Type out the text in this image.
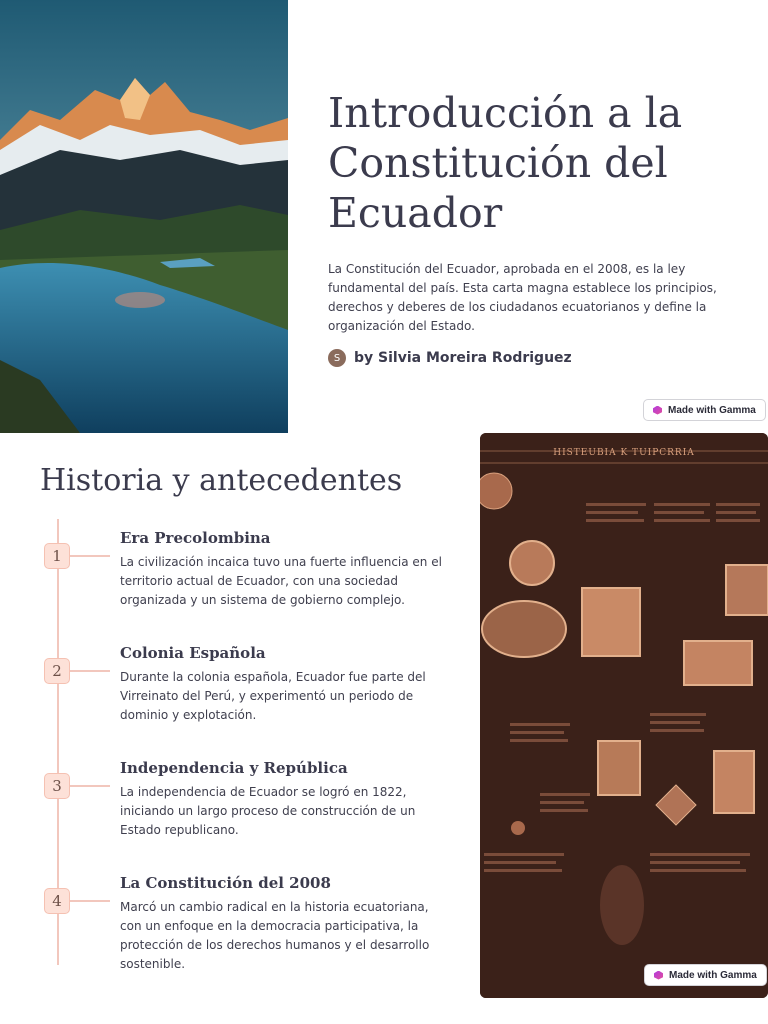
Introducción a la Constitución del Ecuador

La Constitución del Ecuador, aprobada en el 2008, es la ley fundamental del país. Esta carta magna establece los principios, derechos y deberes de los ciudadanos ecuatorianos y define la organización del Estado.

S by Silvia Moreira Rodriguez
Made with Gamma
Historia y antecedentes
1
Era Precolombina
La civilización incaica tuvo una fuerte influencia en el territorio actual de Ecuador, con una sociedad organizada y un sistema de gobierno complejo.
2
Colonia Española
Durante la colonia española, Ecuador fue parte del Virreinato del Perú, y experimentó un periodo de dominio y explotación.
3
Independencia y República
La independencia de Ecuador se logró en 1822, iniciando un largo proceso de construcción de un Estado republicano.
4
La Constitución del 2008
Marcó un cambio radical en la historia ecuatoriana, con un enfoque en la democracia participativa, la protección de los derechos humanos y el desarrollo sostenible.
HISTEUBIA K TUIPCRRIA
Made with Gamma
